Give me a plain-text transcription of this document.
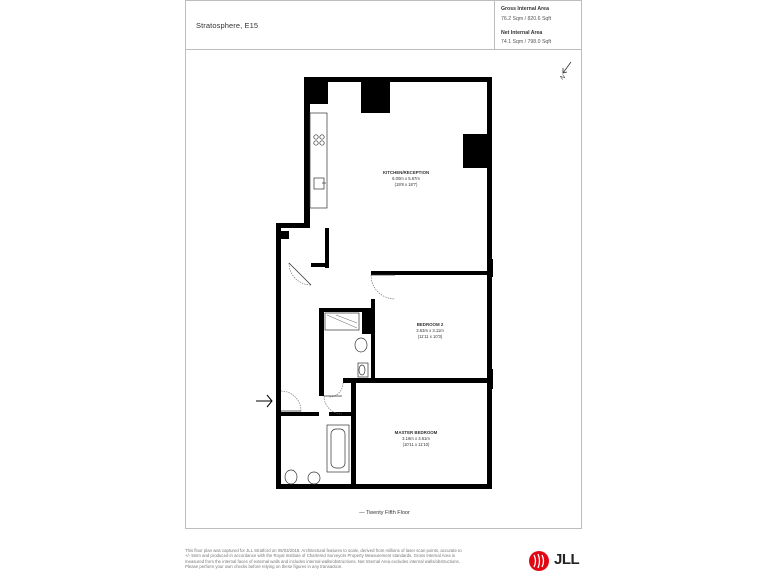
Stratosphere, E15
Gross Internal Area
76.2 Sqm / 820.6 Sqft
Net Internal Area
74.1 Sqm / 798.0 Sqft
N
KITCHEN/RECEPTION
6.00m x 5.67m
(19'8 x 18'7)
BEDROOM 2
3.63m x 3.11m
(11'11 x 10'3)
MASTER BEDROOM
3.16m x 3.61m
(10'11 x 11'10)
— Twenty Fifth Floor
This floor plan was captured for JLL Stratford on 05/03/2018. Architectural features to scale, derived from millions of laser scan points, accurate to +/- 5mm and produced in accordance with the Royal Institute of Chartered Surveyors Property Measurement standards. Gross Internal Area is measured from the internal faces of external walls and includes internal walls/obstructions. Net Internal Area excludes internal walls/obstructions. Please perform your own checks before relying on these figures in any transaction.	JLL
